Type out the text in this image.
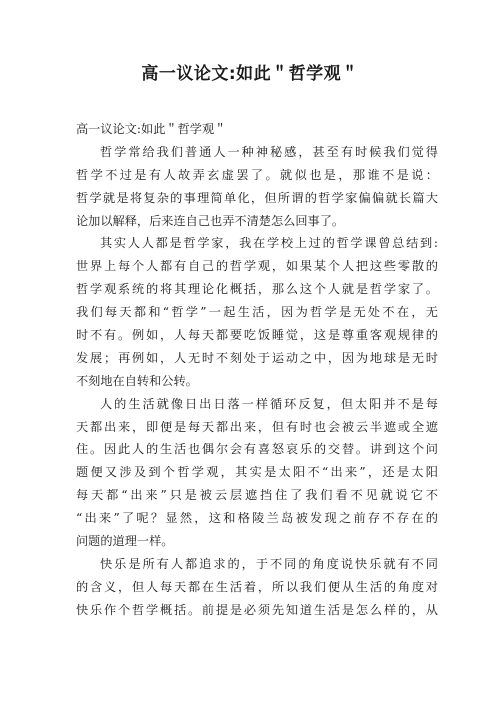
高一议论文:如此＂哲学观＂
高一议论文:如此＂哲学观＂
哲学常给我们普通人一种神秘感，甚至有时候我们觉得
哲学不过是有人故弄玄虚罢了。就似也是，那谁不是说：
哲学就是将复杂的事理简单化，但所谓的哲学家偏偏就长篇大
论加以解释，后来连自己也弄不清楚怎么回事了。
其实人人都是哲学家，我在学校上过的哲学课曾总结到:
世界上每个人都有自己的哲学观，如果某个人把这些零散的
哲学观系统的将其理论化概括，那么这个人就是哲学家了。
我们每天都和“哲学”一起生活，因为哲学是无处不在，无
时不有。例如，人每天都要吃饭睡觉，这是尊重客观规律的
发展；再例如，人无时不刻处于运动之中，因为地球是无时
不刻地在自转和公转。
人的生活就像日出日落一样循环反复，但太阳并不是每
天都出来，即便是每天都出来，但有时也会被云半遮或全遮
住。因此人的生活也偶尔会有喜怒哀乐的交替。讲到这个问
题便又涉及到个哲学观，其实是太阳不“出来”，还是太阳
每天都“出来”只是被云层遮挡住了我们看不见就说它不
“出来”了呢？显然，这和格陵兰岛被发现之前存不存在的
问题的道理一样。
快乐是所有人都追求的，于不同的角度说快乐就有不同
的含义，但人每天都在生活着，所以我们便从生活的角度对
快乐作个哲学概括。前提是必须先知道生活是怎么样的，从
